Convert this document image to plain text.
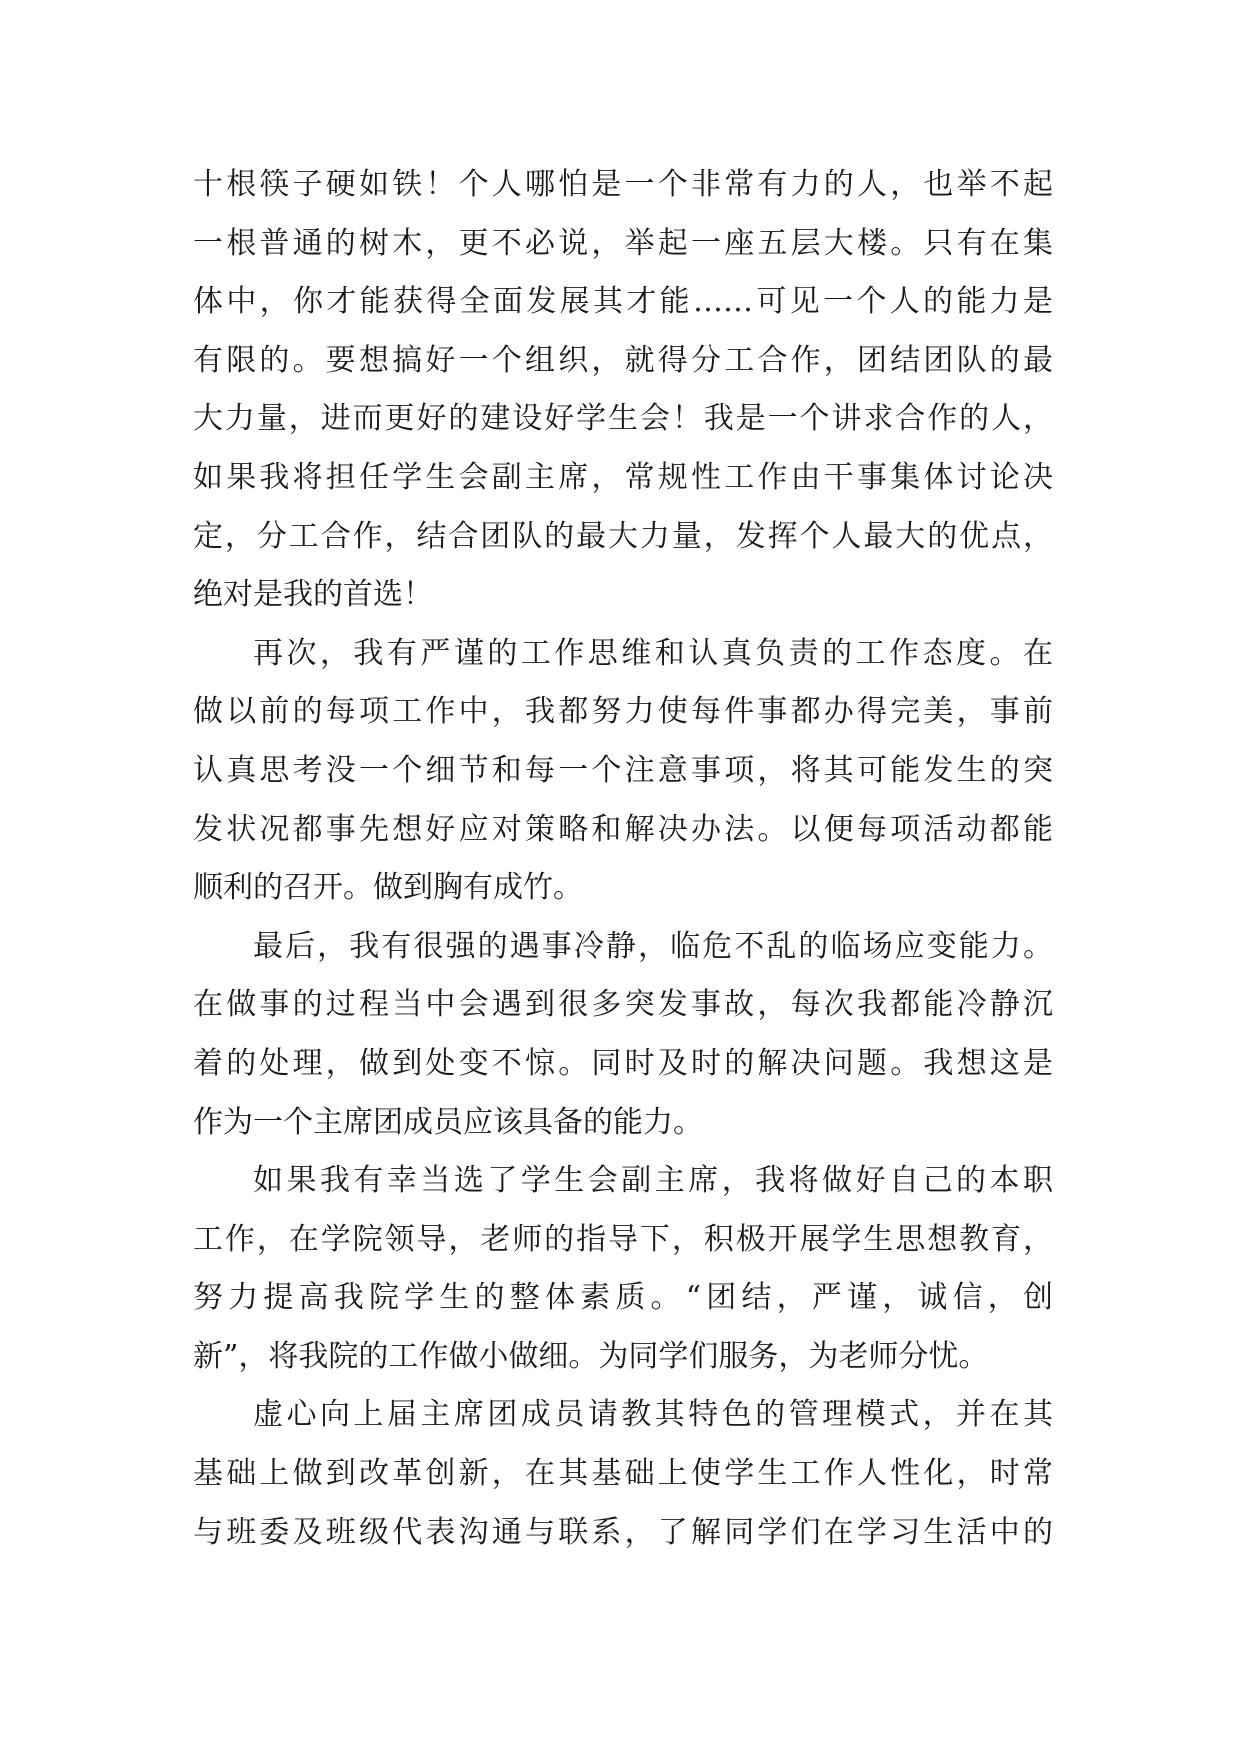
十根筷子硬如铁！个人哪怕是一个非常有力的人，也举不起
一根普通的树木，更不必说，举起一座五层大楼。只有在集
体中，你才能获得全面发展其才能……可见一个人的能力是
有限的。要想搞好一个组织，就得分工合作，团结团队的最
大力量，进而更好的建设好学生会！我是一个讲求合作的人，
如果我将担任学生会副主席，常规性工作由干事集体讨论决
定，分工合作，结合团队的最大力量，发挥个人最大的优点，
绝对是我的首选！
再次，我有严谨的工作思维和认真负责的工作态度。在
做以前的每项工作中，我都努力使每件事都办得完美，事前
认真思考没一个细节和每一个注意事项，将其可能发生的突
发状况都事先想好应对策略和解决办法。以便每项活动都能
顺利的召开。做到胸有成竹。
最后，我有很强的遇事冷静，临危不乱的临场应变能力。
在做事的过程当中会遇到很多突发事故，每次我都能冷静沉
着的处理，做到处变不惊。同时及时的解决问题。我想这是
作为一个主席团成员应该具备的能力。
如果我有幸当选了学生会副主席，我将做好自己的本职
工作，在学院领导，老师的指导下，积极开展学生思想教育，
努力提高我院学生的整体素质。“团结，严谨，诚信，创
新”，将我院的工作做小做细。为同学们服务，为老师分忧。
虚心向上届主席团成员请教其特色的管理模式，并在其
基础上做到改革创新，在其基础上使学生工作人性化，时常
与班委及班级代表沟通与联系，了解同学们在学习生活中的
